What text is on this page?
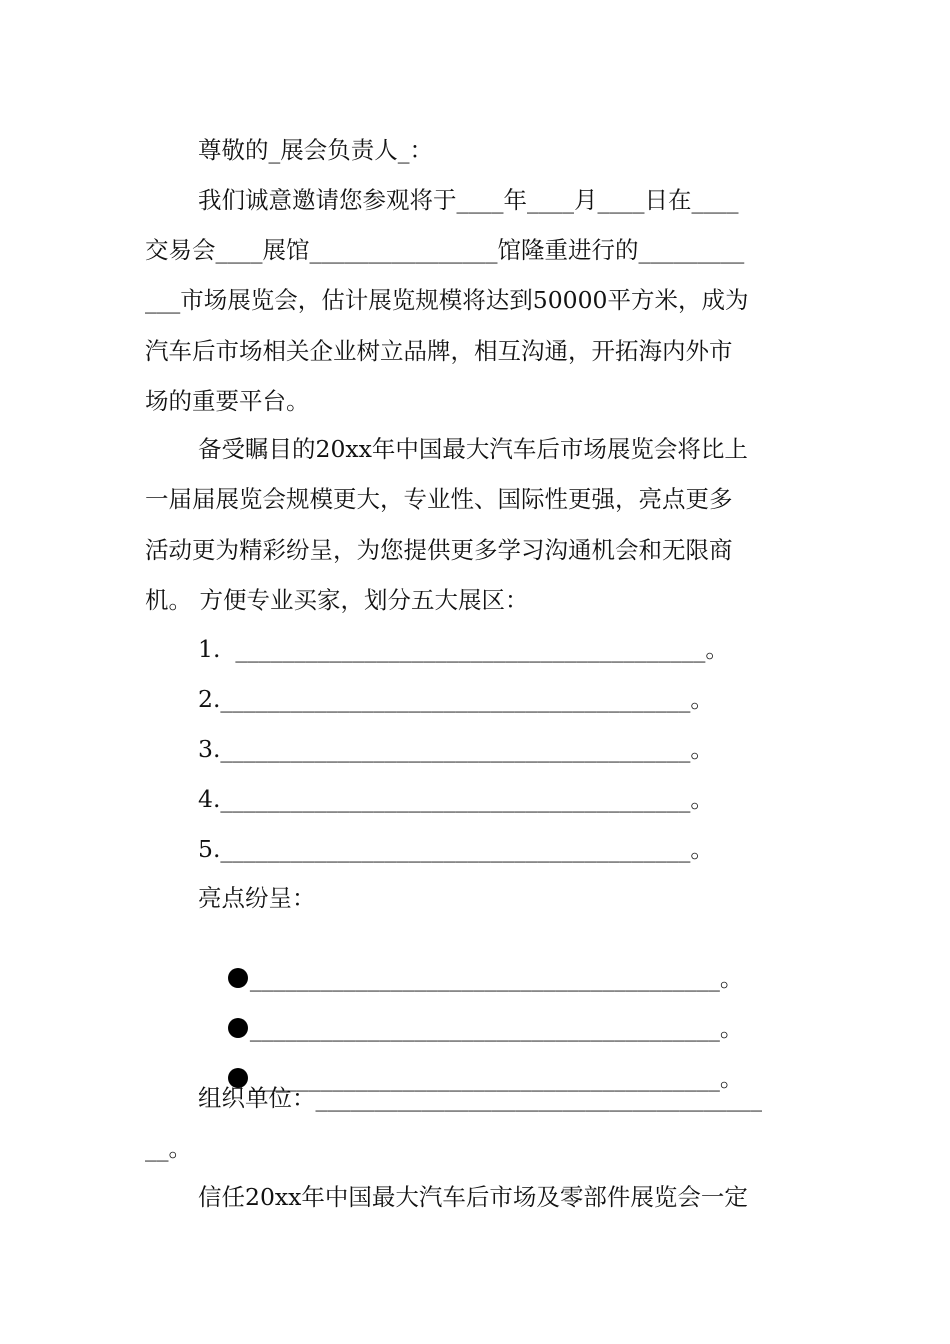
尊敬的_展会负责人_：
我们诚意邀请您参观将于____年____月____日在____
交易会____展馆________________馆隆重进行的_________
___市场展览会，估计展览规模将达到50000平方米，成为
汽车后市场相关企业树立品牌，相互沟通，开拓海内外市
场的重要平台。
备受瞩目的20xx年中国最大汽车后市场展览会将比上
一届届展览会规模更大，专业性、国际性更强，亮点更多
活动更为精彩纷呈，为您提供更多学习沟通机会和无限商
机。 方便专业买家，划分五大展区：
1.  ________________________________________。
2.________________________________________。
3.________________________________________。
4.________________________________________。
5.________________________________________。
亮点纷呈：

________________________________________。

________________________________________。

________________________________________。

组织单位：______________________________________
__。
信任20xx年中国最大汽车后市场及零部件展览会一定
